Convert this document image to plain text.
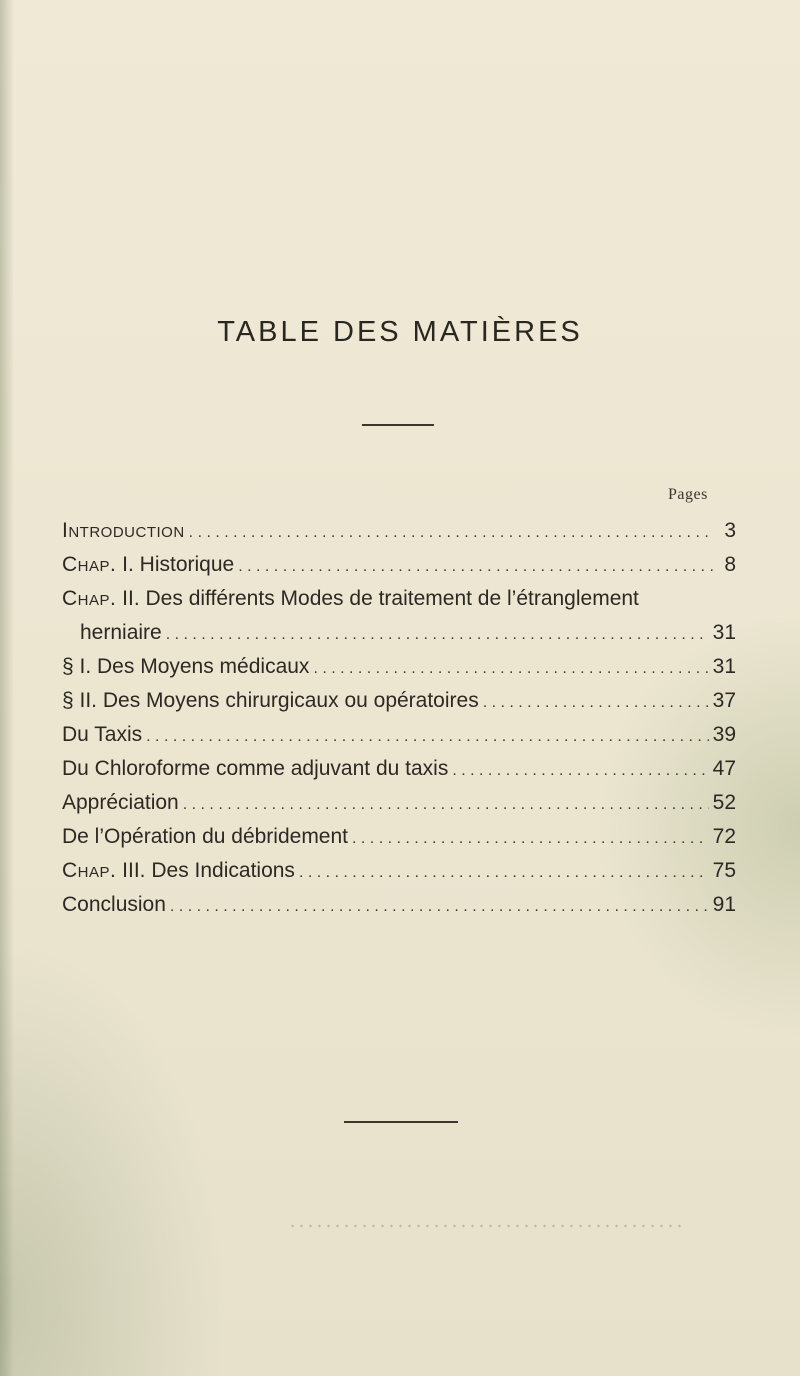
TABLE DES MATIÈRES
Pages
Introduction . . .	3
Chap. I. Historique . . .	8
Chap. II. Des différents Modes de traitement de l’étranglement
herniaire . . .	31
§ I. Des Moyens médicaux . . .	31
§ II. Des Moyens chirurgicaux ou opératoires . . .	37
Du Taxis . . .	39
Du Chloroforme comme adjuvant du taxis . . .	47
Appréciation . . .	52
De l’Opération du débridement . . .	72
Chap. III. Des Indications . . .	75
Conclusion . . .	91
